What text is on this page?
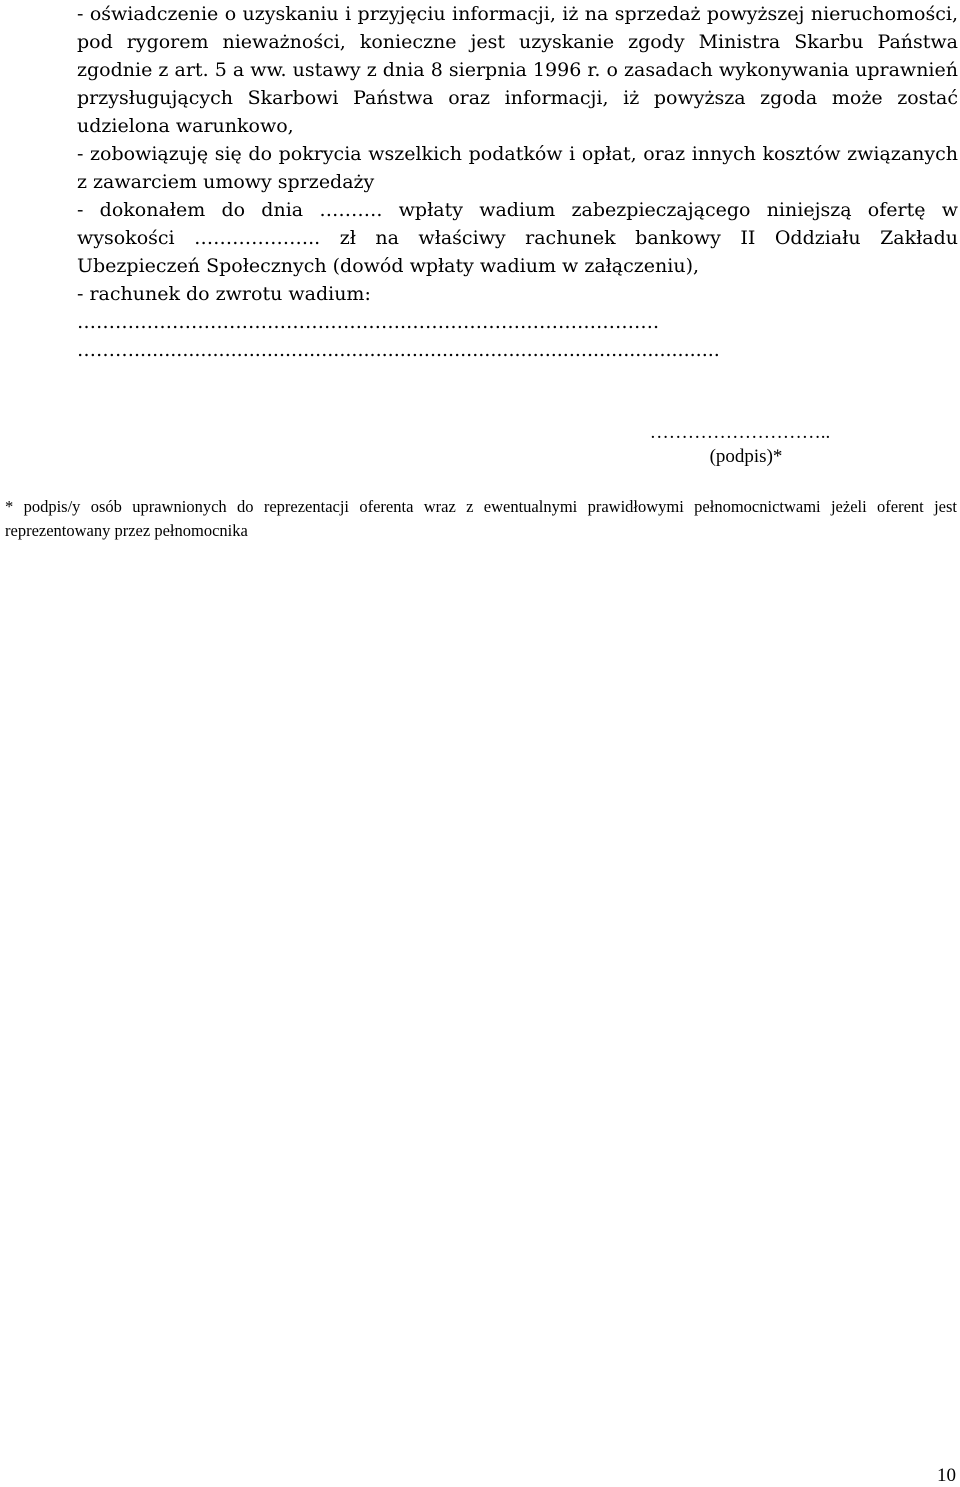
- oświadczenie o uzyskaniu i przyjęciu informacji, iż na sprzedaż powyższej nieruchomości, pod rygorem nieważności, konieczne jest uzyskanie zgody Ministra Skarbu Państwa zgodnie z art. 5 a ww. ustawy z dnia 8 sierpnia 1996 r. o zasadach wykonywania uprawnień przysługujących Skarbowi Państwa oraz informacji, iż powyższa zgoda może zostać udzielona warunkowo,

- zobowiązuję się do pokrycia wszelkich podatków i opłat, oraz innych kosztów związanych z zawarciem umowy sprzedaży

- dokonałem do dnia ………. wpłaty wadium zabezpieczającego niniejszą ofertę w wysokości ……………….. zł na właściwy rachunek bankowy II Oddziału Zakładu Ubezpieczeń Społecznych (dowód wpłaty wadium w załączeniu),

- rachunek do zwrotu wadium:

…………………………………………….………………………………….
……….................................................................................................
………………………..
(podpis)*
* podpis/y osób uprawnionych do reprezentacji oferenta wraz z ewentualnymi prawidłowymi pełnomocnictwami jeżeli oferent jest reprezentowany przez pełnomocnika
10
